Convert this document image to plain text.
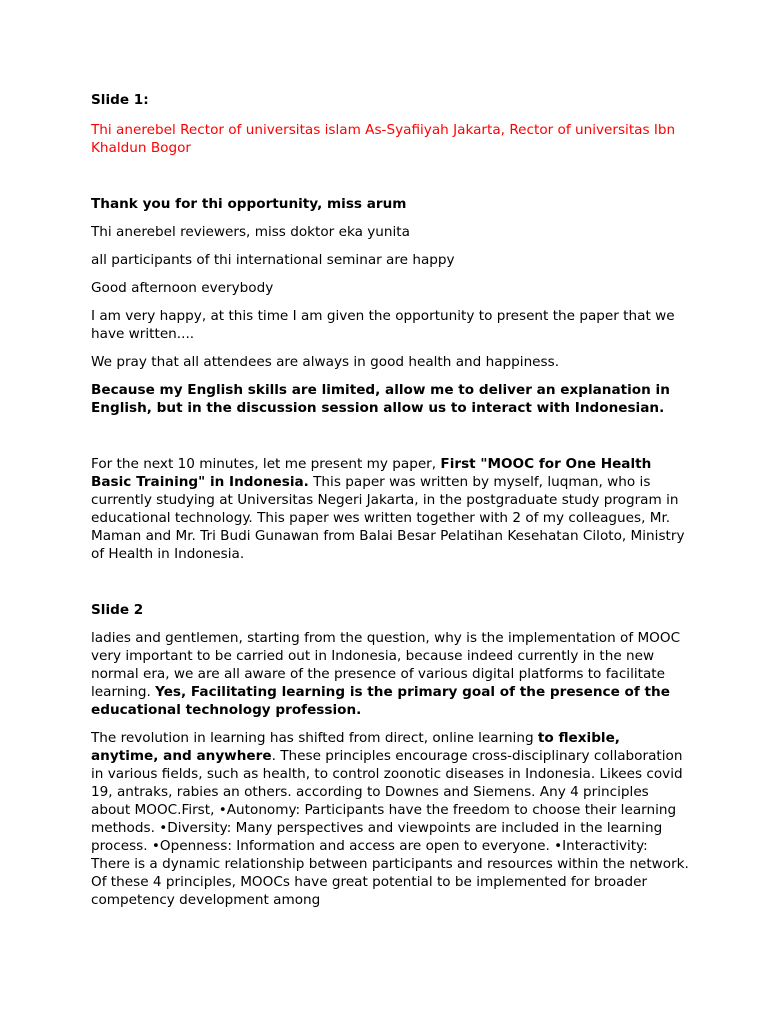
Slide 1:

Thi anerebel Rector of universitas islam As-Syafiiyah Jakarta, Rector of universitas Ibn Khaldun Bogor

Thank you for thi opportunity, miss arum

Thi anerebel reviewers, miss doktor eka yunita

all participants of thi international seminar are happy

Good afternoon everybody

I am very happy, at this time I am given the opportunity to present the paper that we have written....

We pray that all attendees are always in good health and happiness.

Because my English skills are limited, allow me to deliver an explanation in English, but in the discussion session allow us to interact with Indonesian.

For the next 10 minutes, let me present my paper, First "MOOC for One Health Basic Training" in Indonesia. This paper was written by myself, luqman, who is currently studying at Universitas Negeri Jakarta, in the postgraduate study program in educational technology. This paper wes written together with 2 of my colleagues, Mr. Maman and Mr. Tri Budi Gunawan from Balai Besar Pelatihan Kesehatan Ciloto, Ministry of Health in Indonesia.

Slide 2

ladies and gentlemen, starting from the question, why is the implementation of MOOC very important to be carried out in Indonesia, because indeed currently in the new normal era, we are all aware of the presence of various digital platforms to facilitate learning. Yes, Facilitating learning is the primary goal of the presence of the educational technology profession.

The revolution in learning has shifted from direct, online learning to flexible, anytime, and anywhere. These principles encourage cross-disciplinary collaboration in various fields, such as health, to control zoonotic diseases in Indonesia. Likees covid 19, antraks, rabies an others. according to Downes and Siemens. Any 4 principles about MOOC.First, •Autonomy: Participants have the freedom to choose their learning methods. •Diversity: Many perspectives and viewpoints are included in the learning process. •Openness: Information and access are open to everyone. •Interactivity: There is a dynamic relationship between participants and resources within the network. Of these 4 principles, MOOCs have great potential to be implemented for broader competency development among
